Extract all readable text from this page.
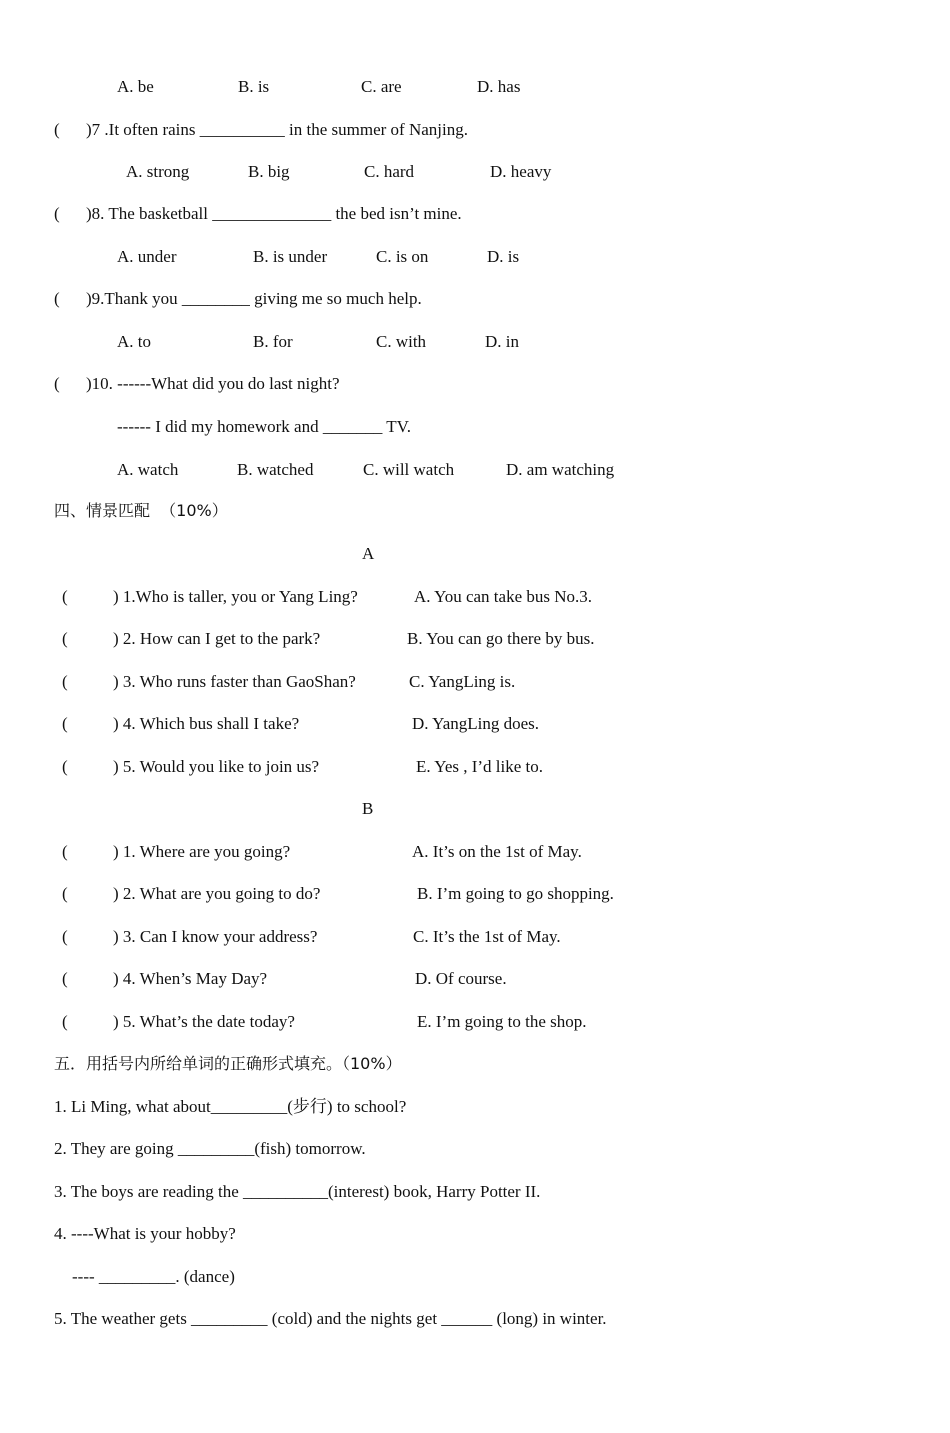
A. be	B. is	C. are	D. has
( )7 .It often rains __________ in the summer of Nanjing.
A. strong	B. big	C. hard	D. heavy
( )8. The basketball ______________ the bed isn’t mine.
A. under	B. is under	C. is on	D. is
( )9.Thank you ________ giving me so much help.
A. to	B. for	C. with	D. in
( )10. ------What did you do last night?
------ I did my homework and _______ TV.
A. watch	B. watched	C. will watch	D. am watching
四、情景匹配  （10%）
A
(	) 1.Who is taller, you or Yang Ling?	A. You can take bus No.3.
(	) 2. How can I get to the park?	B. You can go there by bus.
(	) 3. Who runs faster than GaoShan?	C. YangLing is.
(	) 4. Which bus shall I take?	D. YangLing does.
(	) 5. Would you like to join us?	E. Yes , I’d like to.
B
(	) 1. Where are you going?	A. It’s on the 1st of May.
(	) 2. What are you going to do?	B. I’m going to go shopping.
(	) 3. Can I know your address?	C. It’s the 1st of May.
(	) 4. When’s May Day?	D. Of course.
(	) 5. What’s the date today?	E. I’m going to the shop.
五．用括号内所给单词的正确形式填充。（10%）
1. Li Ming, what about_________(步行) to school?
2. They are going _________(fish) tomorrow.
3. The boys are reading the __________(interest) book, Harry Potter II.
4. ----What is your hobby?
---- _________. (dance)
5. The weather gets _________ (cold) and the nights get ______ (long) in winter.
